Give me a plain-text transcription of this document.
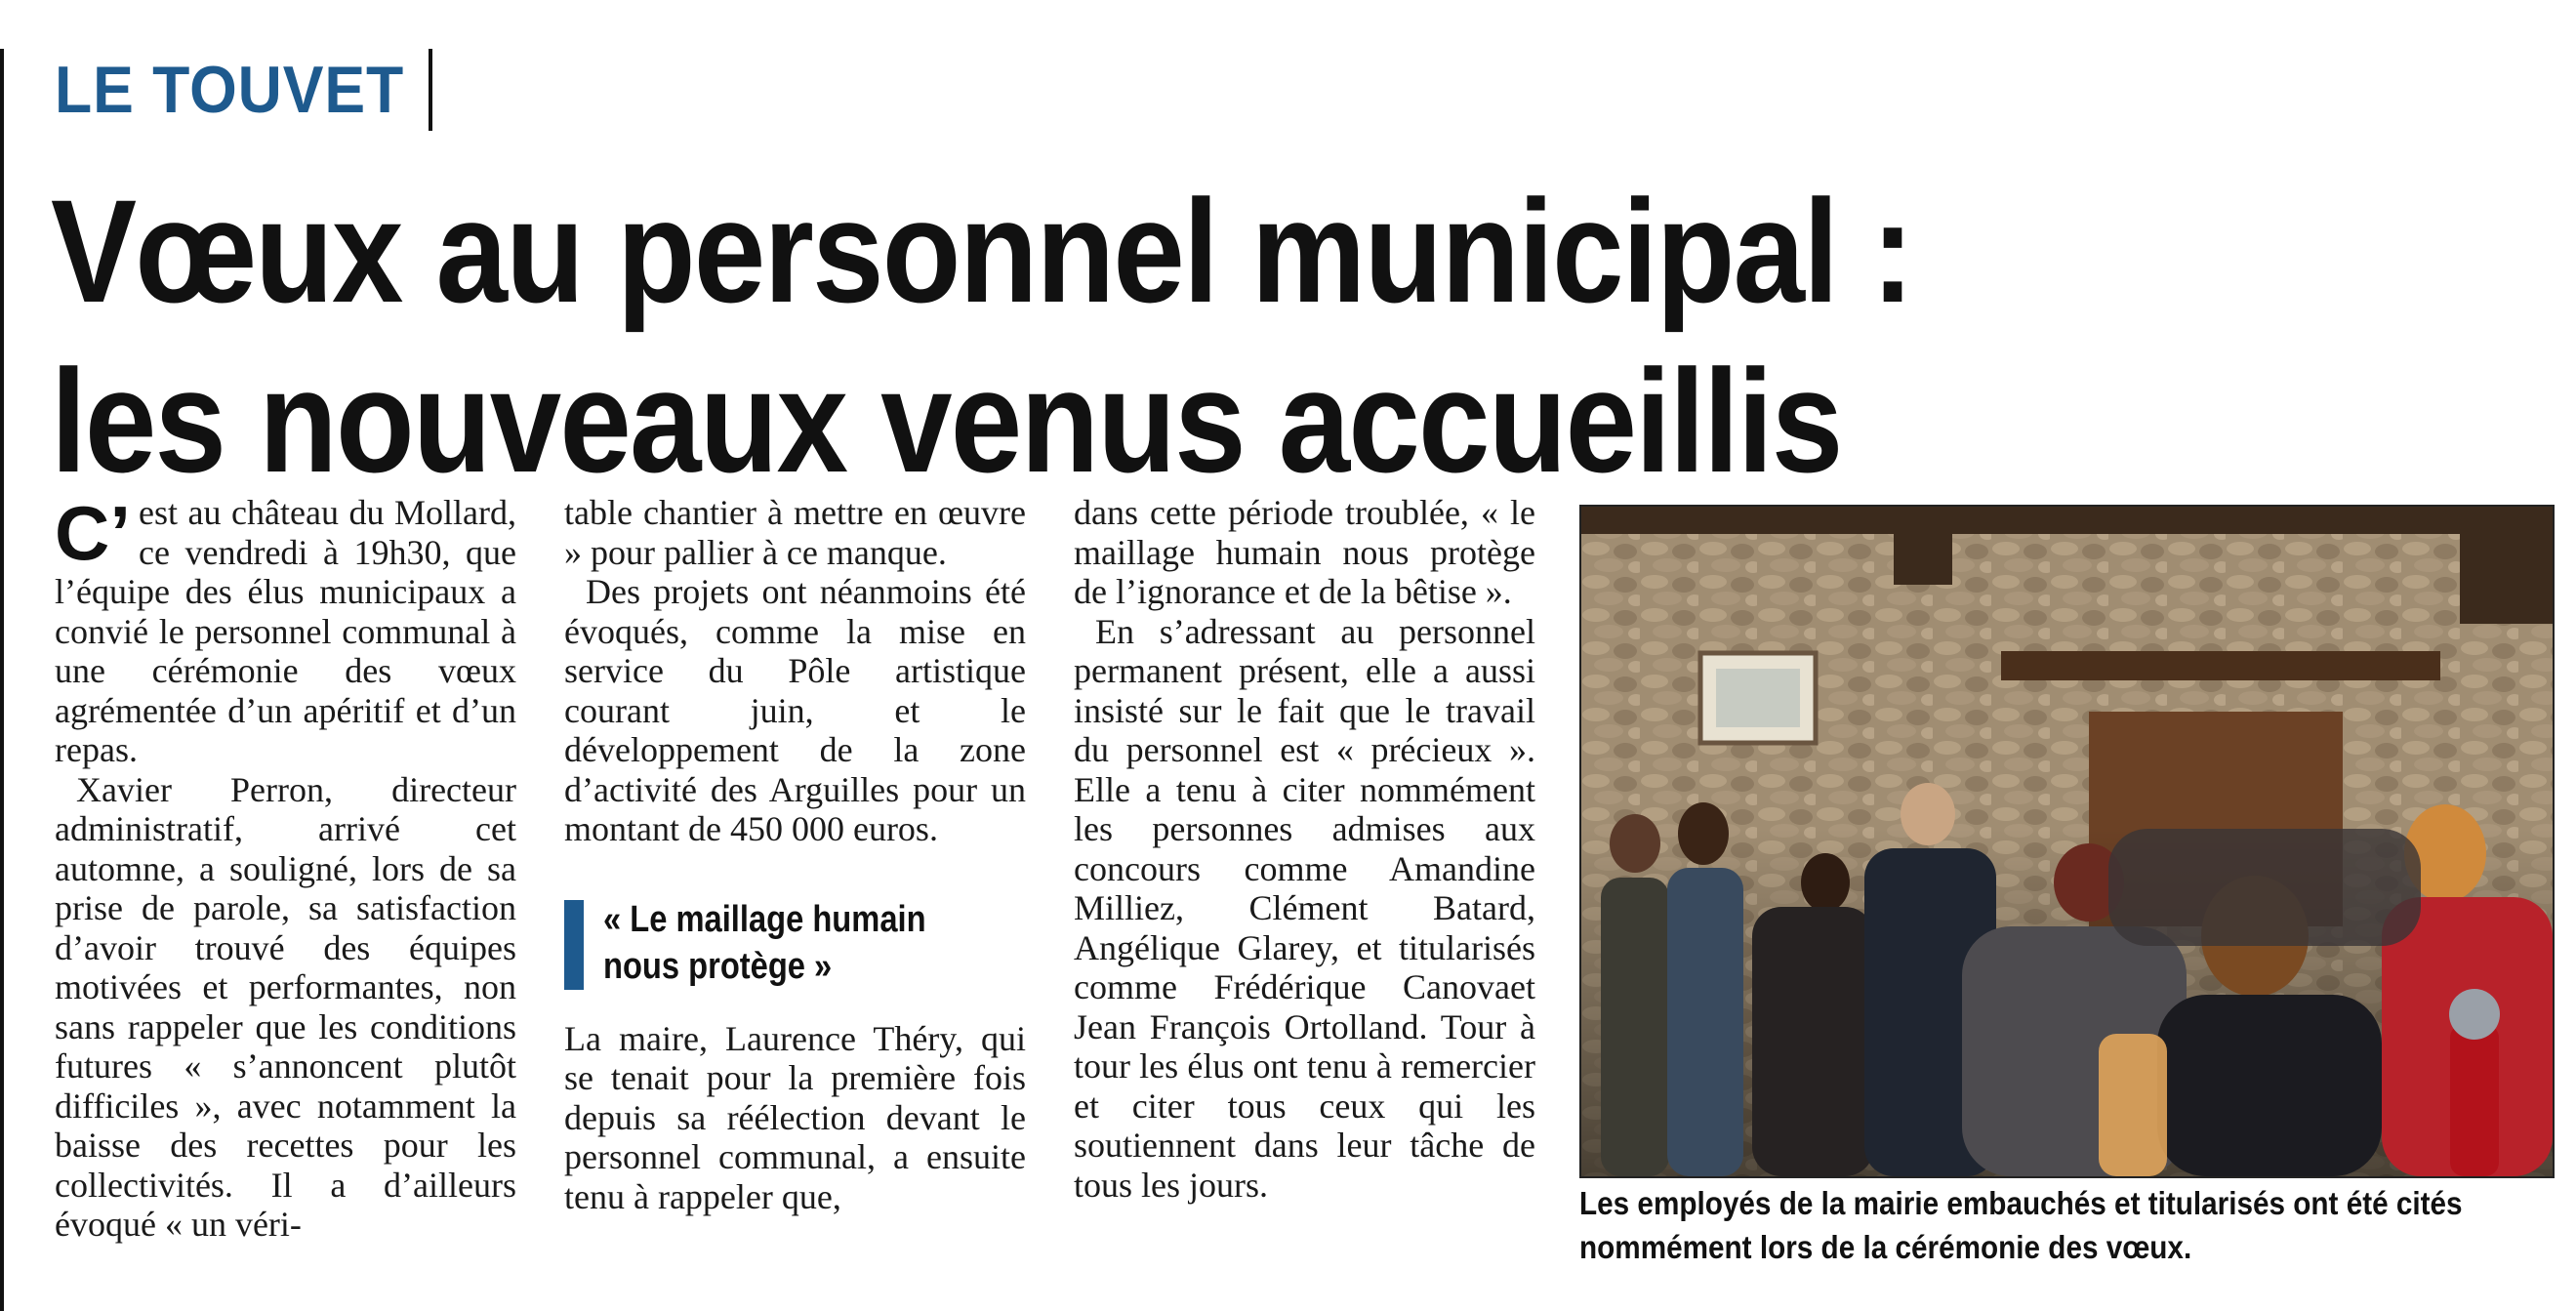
LE TOUVET
Vœux au personnel municipal :
les nouveaux venus accueillis

C’ est au château du Mollard, ce vendredi à 19h30, que l’équipe des élus municipaux a convié le personnel communal à une cérémonie des vœux agrémentée d’un apéritif et d’un repas.

Xavier Perron, directeur administratif, arrivé cet automne, a souligné, lors de sa prise de parole, sa satisfaction d’avoir trouvé des équipes motivées et performantes, non sans rappeler que les conditions futures « s’annoncent plutôt difficiles », avec notamment la baisse des recettes pour les collectivités. Il a d’ailleurs évoqué « un véri-

table chantier à mettre en œuvre » pour pallier à ce manque.

Des projets ont néanmoins été évoqués, comme la mise en service du Pôle artistique courant juin, et le développement de la zone d’activité des Arguilles pour un montant de 450 000 euros.

« Le maillage humain
nous protège »

La maire, Laurence Théry, qui se tenait pour la première fois depuis sa réélection devant le personnel communal, a ensuite tenu à rappeler que,

dans cette période troublée, « le maillage humain nous protège de l’ignorance et de la bêtise ».

En s’adressant au personnel permanent présent, elle a aussi insisté sur le fait que le travail du personnel est « précieux ». Elle a tenu à citer nommément les personnes admises aux concours comme Amandine Milliez, Clément Batard, Angélique Glarey, et titularisés comme Frédérique Canovaet Jean François Ortolland. Tour à tour les élus ont tenu à remercier et citer tous ceux qui les soutiennent dans leur tâche de tous les jours.	Les employés de la mairie embauchés et titularisés ont été cités
nommément lors de la cérémonie des vœux.
